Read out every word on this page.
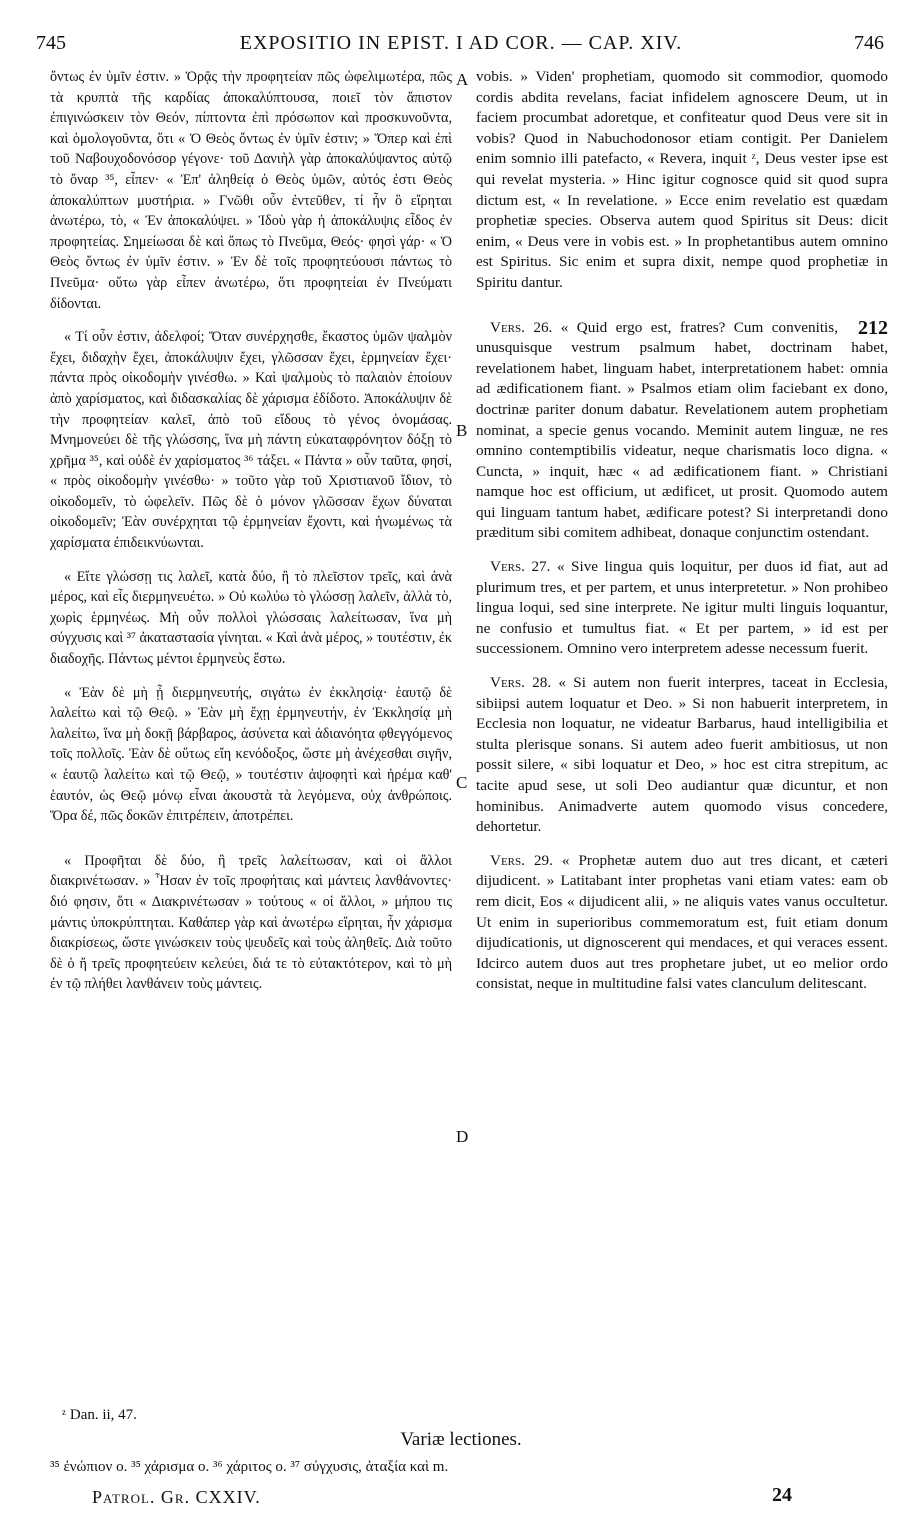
745	EXPOSITIO IN EPIST. I AD COR. — CAP. XIV.	746
A
B
C
D

ὄντως ἐν ὑμῖν ἐστιν. » Ὁρᾷς τὴν προφητείαν πῶς ὠφελιμωτέρα, πῶς τὰ κρυπτὰ τῆς καρδίας ἀποκαλύπτουσα, ποιεῖ τὸν ἄπιστον ἐπιγινώσκειν τὸν Θεόν, πίπτοντα ἐπὶ πρόσωπον καὶ προσκυνοῦντα, καὶ ὁμολογοῦντα, ὅτι « Ὁ Θεὸς ὄντως ἐν ὑμῖν ἐστιν; » Ὅπερ καὶ ἐπὶ τοῦ Ναβουχοδονόσορ γέγονε· τοῦ Δανιὴλ γὰρ ἀποκαλύψαντος αὐτῷ τὸ ὄναρ ³⁵, εἶπεν· « Ἐπ' ἀληθείᾳ ὁ Θεὸς ὑμῶν, αὐτός ἐστι Θεὸς ἀποκαλύπτων μυστήρια. » Γνῶθι οὖν ἐντεῦθεν, τί ἦν ὃ εἴρηται ἀνωτέρω, τὸ, « Ἐν ἀποκαλύψει. » Ἰδοὺ γὰρ ἡ ἀποκάλυψις εἶδος ἐν προφητείας. Σημείωσαι δὲ καὶ ὅπως τὸ Πνεῦμα, Θεός· φησὶ γάρ· « Ὁ Θεὸς ὄντως ἐν ὑμῖν ἐστιν. » Ἐν δὲ τοῖς προφητεύουσι πάντως τὸ Πνεῦμα· οὕτω γὰρ εἶπεν ἀνωτέρω, ὅτι προφητείαι ἐν Πνεύματι δίδονται.

« Τί οὖν ἐστιν, ἀδελφοί; Ὅταν συνέρχησθε, ἕκαστος ὑμῶν ψαλμὸν ἔχει, διδαχὴν ἔχει, ἀποκάλυψιν ἔχει, γλῶσσαν ἔχει, ἑρμηνείαν ἔχει· πάντα πρὸς οἰκοδομὴν γινέσθω. » Καὶ ψαλμοὺς τὸ παλαιὸν ἐποίουν ἀπὸ χαρίσματος, καὶ διδασκαλίας δὲ χάρισμα ἐδίδοτο. Ἀποκάλυψιν δὲ τὴν προφητείαν καλεῖ, ἀπὸ τοῦ εἴδους τὸ γένος ὀνομάσας. Μνημονεύει δὲ τῆς γλώσσης, ἵνα μὴ πάντη εὐκαταφρόνητον δόξῃ τὸ χρῆμα ³⁵, καὶ οὐδὲ ἐν χαρίσματος ³⁶ τάξει. « Πάντα » οὖν ταῦτα, φησί, « πρὸς οἰκοδομὴν γινέσθω· » τοῦτο γὰρ τοῦ Χριστιανοῦ ἴδιον, τὸ οἰκοδομεῖν, τὸ ὠφελεῖν. Πῶς δὲ ὁ μόνον γλῶσσαν ἔχων δύναται οἰκοδομεῖν; Ἐὰν συνέρχηται τῷ ἑρμηνείαν ἔχοντι, καὶ ἡνωμένως τὰ χαρίσματα ἐπιδεικνύωνται.

« Εἴτε γλώσσῃ τις λαλεῖ, κατὰ δύο, ἢ τὸ πλεῖστον τρεῖς, καὶ ἀνὰ μέρος, καὶ εἷς διερμηνευέτω. » Οὐ κωλύω τὸ γλώσσῃ λαλεῖν, ἀλλὰ τὸ, χωρὶς ἑρμηνέως. Μὴ οὖν πολλοὶ γλώσσαις λαλείτωσαν, ἵνα μὴ σύγχυσις καὶ ³⁷ ἀκαταστασία γίνηται. « Καὶ ἀνὰ μέρος, » τουτέστιν, ἐκ διαδοχῆς. Πάντως μέντοι ἑρμηνεὺς ἔστω.

« Ἐὰν δὲ μὴ ᾖ διερμηνευτής, σιγάτω ἐν ἐκκλησίᾳ· ἑαυτῷ δὲ λαλείτω καὶ τῷ Θεῷ. » Ἐὰν μὴ ἔχῃ ἑρμηνευτήν, ἐν Ἐκκλησίᾳ μὴ λαλείτω, ἵνα μὴ δοκῇ βάρβαρος, ἀσύνετα καὶ ἀδιανόητα φθεγγόμενος τοῖς πολλοῖς. Ἐὰν δὲ οὕτως εἴη κενόδοξος, ὥστε μὴ ἀνέχεσθαι σιγῆν, « ἑαυτῷ λαλείτω καὶ τῷ Θεῷ, » τουτέστιν ἀψοφητὶ καὶ ἠρέμα καθ' ἑαυτόν, ὡς Θεῷ μόνῳ εἶναι ἀκουστὰ τὰ λεγόμενα, οὐχ ἀνθρώποις. Ὅρα δέ, πῶς δοκῶν ἐπιτρέπειν, ἀποτρέπει.

« Προφῆται δὲ δύο, ἢ τρεῖς λαλείτωσαν, καὶ οἱ ἄλλοι διακρινέτωσαν. » Ἦσαν ἐν τοῖς προφήταις καὶ μάντεις λανθάνοντες· διό φησιν, ὅτι « Διακρινέτωσαν » τούτους « οἱ ἄλλοι, » μήπου τις μάντις ὑποκρύπτηται. Καθάπερ γὰρ καὶ ἀνωτέρω εἴρηται, ἦν χάρισμα διακρίσεως, ὥστε γινώσκειν τοὺς ψευδεῖς καὶ τοὺς ἀληθεῖς. Διὰ τοῦτο δὲ ὁ ἤ τρεῖς προφητεύειν κελεύει, διά τε τὸ εὐτακτότερον, καὶ τὸ μὴ ἐν τῷ πλήθει λανθάνειν τοὺς μάντεις.

vobis. » Viden' prophetiam, quomodo sit commodior, quomodo cordis abdita revelans, faciat infidelem agnoscere Deum, ut in faciem procumbat adoretque, et confiteatur quod Deus vere sit in vobis? Quod in Nabuchodonosor etiam contigit. Per Danielem enim somnio illi patefacto, « Revera, inquit ᶻ, Deus vester ipse est qui revelat mysteria. » Hinc igitur cognosce quid sit quod supra dictum est, « In revelatione. » Ecce enim revelatio est quædam prophetiæ species. Observa autem quod Spiritus sit Deus: dicit enim, « Deus vere in vobis est. » In prophetantibus autem omnino est Spiritus. Sic enim et supra dixit, nempe quod prophetiæ in Spiritu dantur.

212
Vers. 26. « Quid ergo est, fratres? Cum convenitis, unusquisque vestrum psalmum habet, doctrinam habet, revelationem habet, linguam habet, interpretationem habet: omnia ad ædificationem fiant. » Psalmos etiam olim faciebant ex dono, doctrinæ pariter donum dabatur. Revelationem autem prophetiam nominat, a specie genus vocando. Meminit autem linguæ, ne res omnino contemptibilis videatur, neque charismatis loco digna. « Cuncta, » inquit, hæc « ad ædificationem fiant. » Christiani namque hoc est officium, ut ædificet, ut prosit. Quomodo autem qui linguam tantum habet, ædificare potest? Si interpretandi dono præditum sibi comitem adhibeat, donaque conjunctim ostendant.

Vers. 27. « Sive lingua quis loquitur, per duos id fiat, aut ad plurimum tres, et per partem, et unus interpretetur. » Non prohibeo lingua loqui, sed sine interprete. Ne igitur multi linguis loquantur, ne confusio et tumultus fiat. « Et per partem, » id est per successionem. Omnino vero interpretem adesse necessum fuerit.

Vers. 28. « Si autem non fuerit interpres, taceat in Ecclesia, sibiipsi autem loquatur et Deo. » Si non habuerit interpretem, in Ecclesia non loquatur, ne videatur Barbarus, haud intelligibilia et stulta plerisque sonans. Si autem adeo fuerit ambitiosus, ut non possit silere, « sibi loquatur et Deo, » hoc est citra strepitum, ac tacite apud sese, ut soli Deo audiantur quæ dicuntur, et non hominibus. Animadverte autem quomodo visus concedere, dehortetur.

Vers. 29. « Prophetæ autem duo aut tres dicant, et cæteri dijudicent. » Latitabant inter prophetas vani etiam vates: eam ob rem dicit, Eos « dijudicent alii, » ne aliquis vates vanus occultetur. Ut enim in superioribus commemoratum est, fuit etiam donum dijudicationis, ut dignoscerent qui mendaces, et qui veraces essent. Idcirco autem duos aut tres prophetare jubet, ut eo melior ordo consistat, neque in multitudine falsi vates clanculum delitescant.

ᶻ Dan. ii, 47.
Variæ lectiones.
³⁵ ἐνώπιον ο. ³⁵ χάρισμα ο. ³⁶ χάριτος ο. ³⁷ σύγχυσις, ἀταξία καὶ m.
Patrol. Gr. CXXIV.	24
